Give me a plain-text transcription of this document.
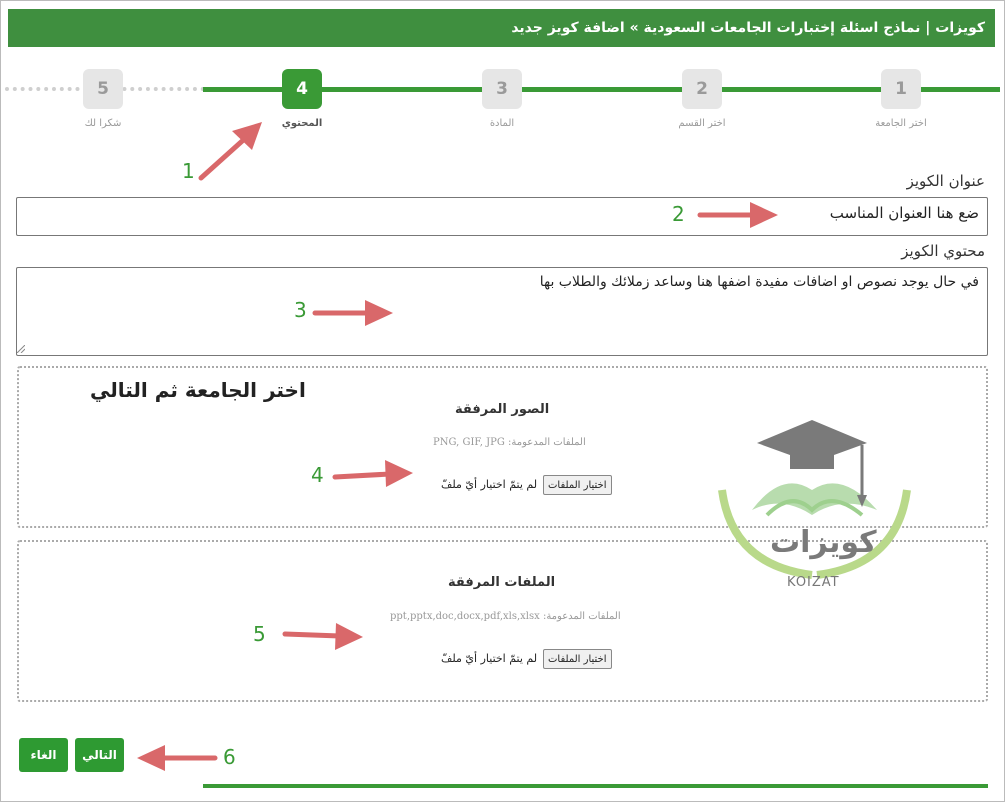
كويزات | نماذج اسئلة إختبارات الجامعات السعودية » اضافة كويز جديد
1
2
3
4
5
اختر الجامعة
اختر القسم
المادة
المحتوي
شكرا لك
عنوان الكويز
ضع هنا العنوان المناسب
محتوي الكويز
في حال يوجد نصوص او اضافات مفيدة اضفها هنا وساعد زملائك والطلاب بها
الصور المرفقة
الملفات المدعومة: PNG, GIF, JPG
اختيار الملفات
لم يتمّ اختيار أيّ ملفّ
الملفات المرفقة
الملفات المدعومة: ppt,pptx,doc,docx,pdf,xls,xlsx
اختيار الملفات
لم يتمّ اختيار أيّ ملفّ
التالي
الغاء
كويزات
KOIZAT
اختر الجامعة ثم التالي
1
2
3
4
5
6
